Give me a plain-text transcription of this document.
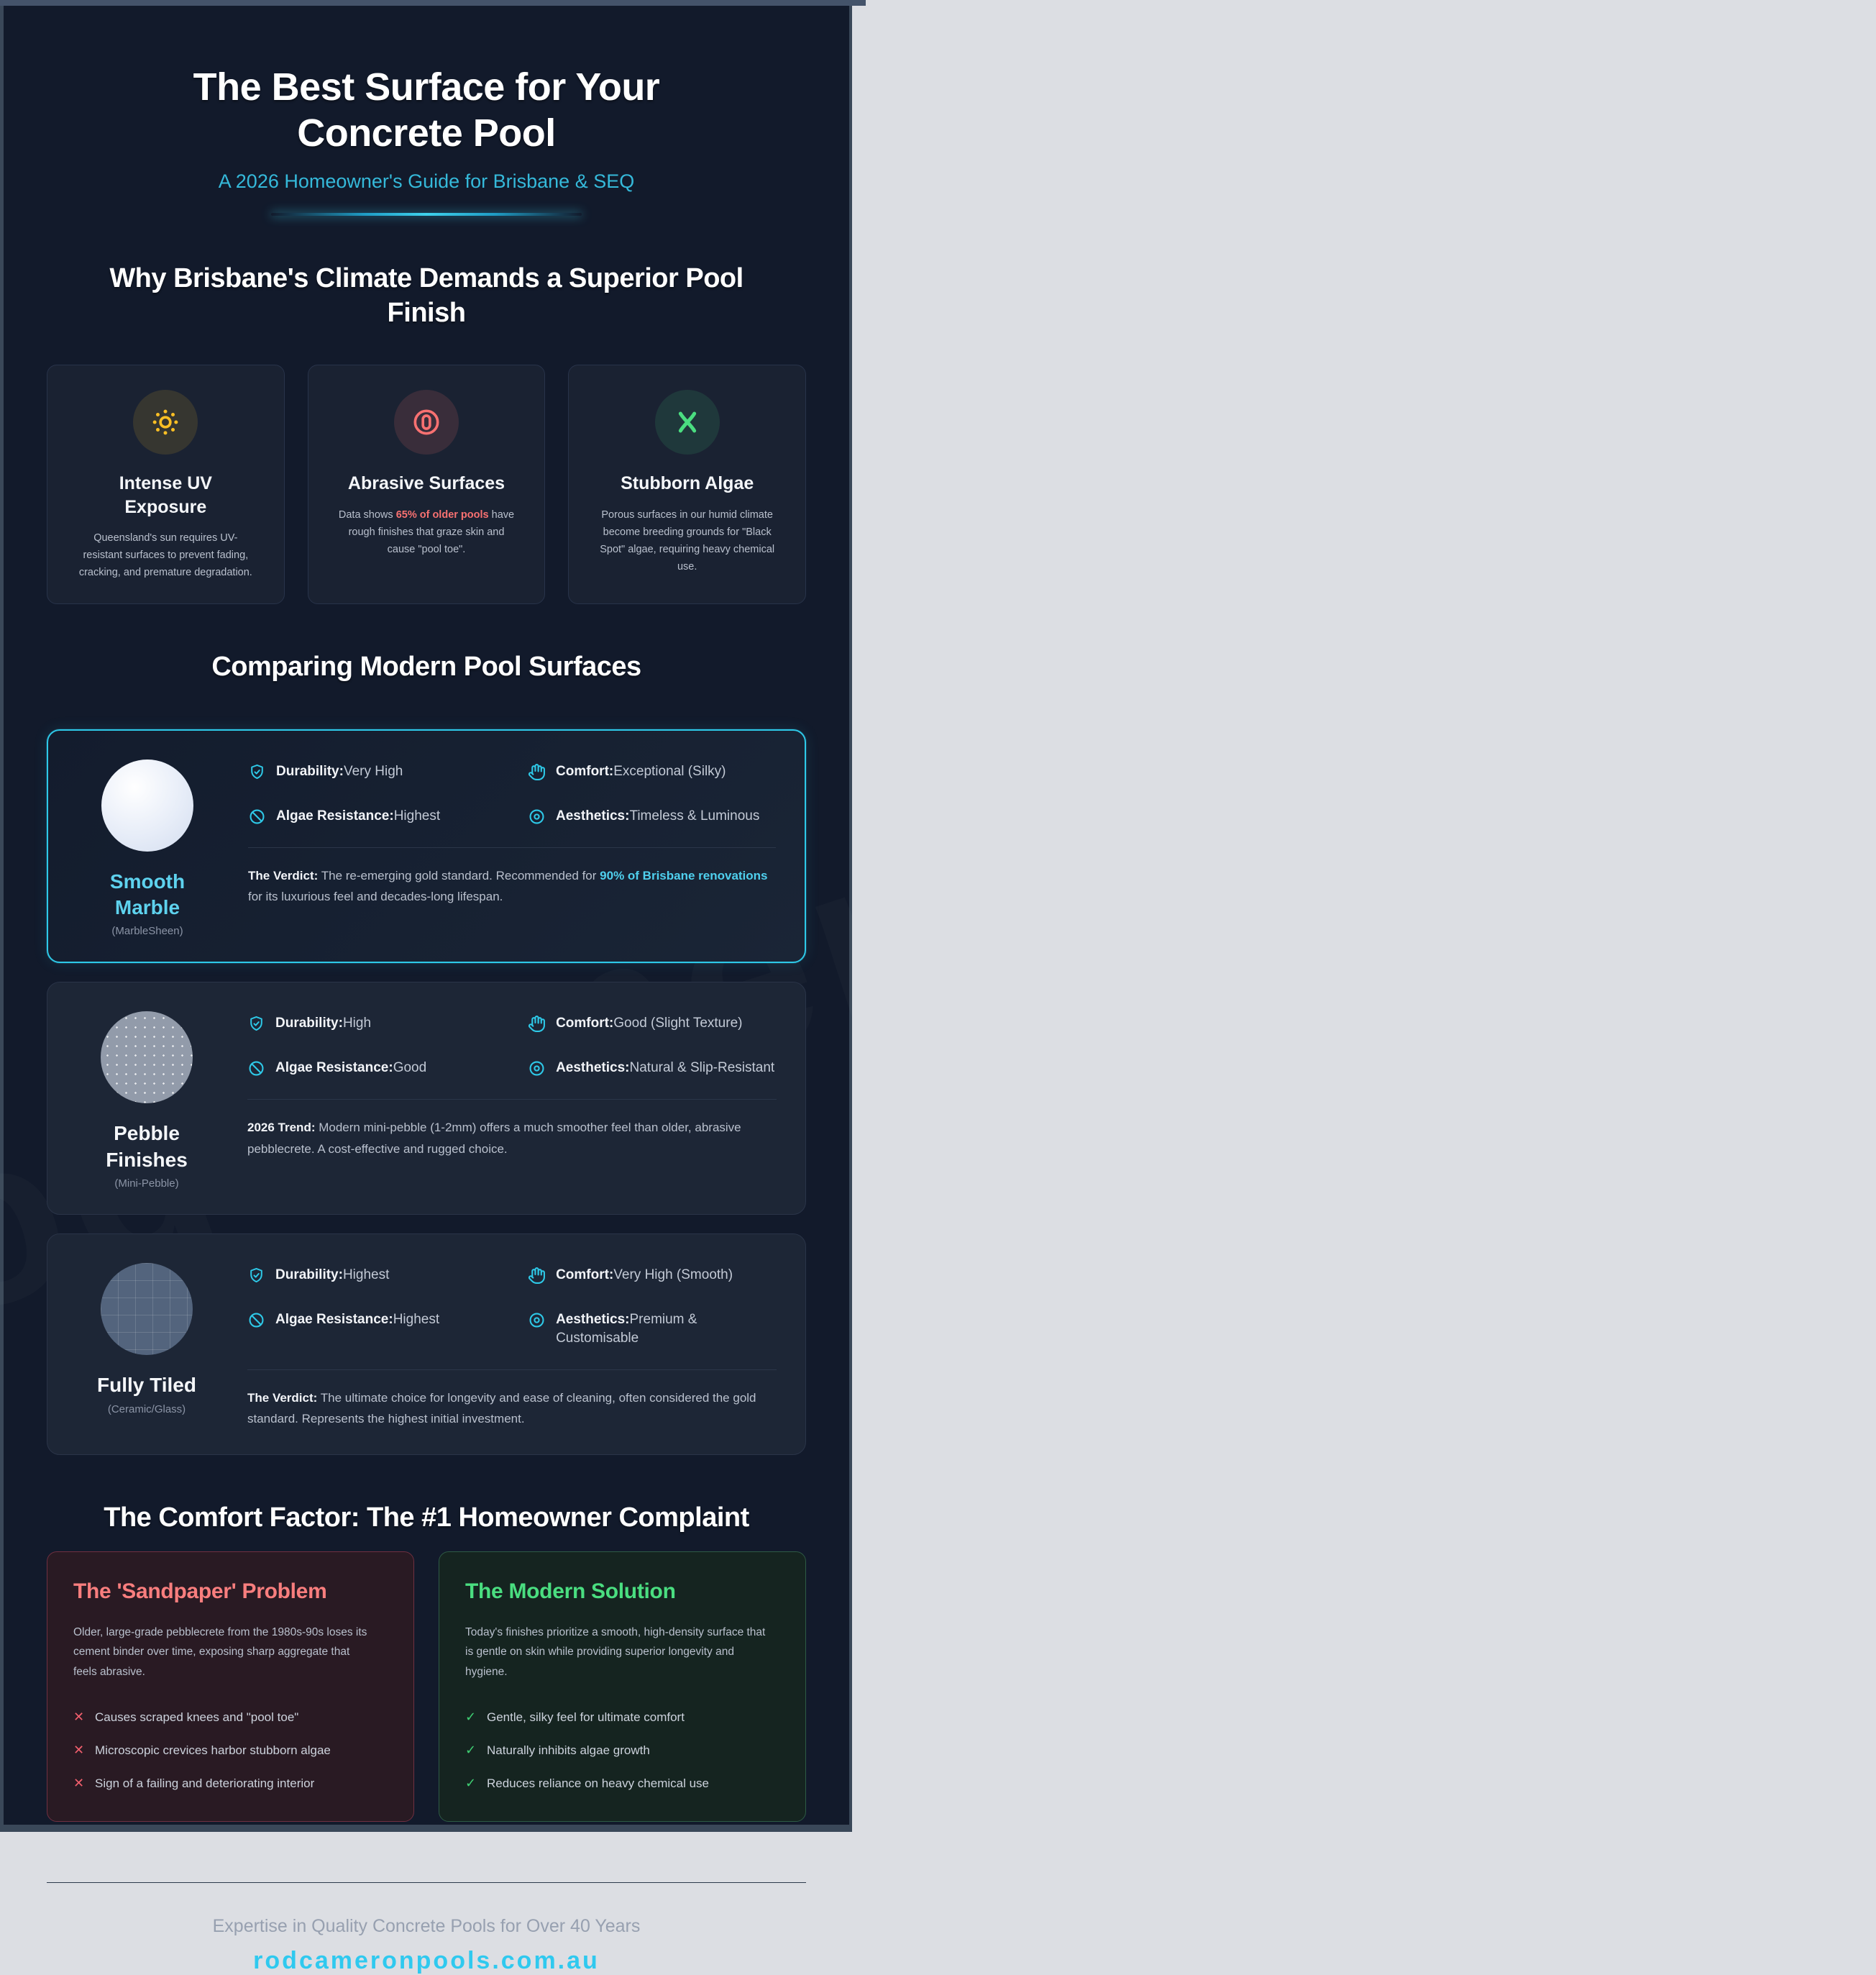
The Best Surface for Your Concrete Pool
A 2026 Homeowner's Guide for Brisbane & SEQ
Why Brisbane's Climate Demands a Superior Pool Finish
Intense UV Exposure
Queensland's sun requires UV-resistant surfaces to prevent fading, cracking, and premature degradation.
Abrasive Surfaces
Data shows 65% of older pools have rough finishes that graze skin and cause "pool toe".
Stubborn Algae
Porous surfaces in our humid climate become breeding grounds for "Black Spot" algae, requiring heavy chemical use.
Comparing Modern Pool Surfaces
Smooth Marble
(MarbleSheen)
Durability:Very High	Comfort:Exceptional (Silky)
Algae Resistance:Highest	Aesthetics:Timeless & Luminous
The Verdict: The re-emerging gold standard. Recommended for 90% of Brisbane renovations for its luxurious feel and decades-long lifespan.
Pebble Finishes
(Mini-Pebble)
Durability:High	Comfort:Good (Slight Texture)
Algae Resistance:Good	Aesthetics:Natural & Slip-Resistant
2026 Trend: Modern mini-pebble (1-2mm) offers a much smoother feel than older, abrasive pebblecrete. A cost-effective and rugged choice.
Fully Tiled
(Ceramic/Glass)
Durability:Highest	Comfort:Very High (Smooth)
Algae Resistance:Highest	Aesthetics:Premium & Customisable
The Verdict: The ultimate choice for longevity and ease of cleaning, often considered the gold standard. Represents the highest initial investment.
The Comfort Factor: The #1 Homeowner Complaint
The 'Sandpaper' Problem
Older, large-grade pebblecrete from the 1980s-90s loses its cement binder over time, exposing sharp aggregate that feels abrasive.
✕ Causes scraped knees and "pool toe"
✕ Microscopic crevices harbor stubborn algae
✕ Sign of a failing and deteriorating interior
The Modern Solution
Today's finishes prioritize a smooth, high-density surface that is gentle on skin while providing superior longevity and hygiene.
✓ Gentle, silky feel for ultimate comfort
✓ Naturally inhibits algae growth
✓ Reduces reliance on heavy chemical use
Expertise in Quality Concrete Pools for Over 40 Years
rodcameronpools.com.au
